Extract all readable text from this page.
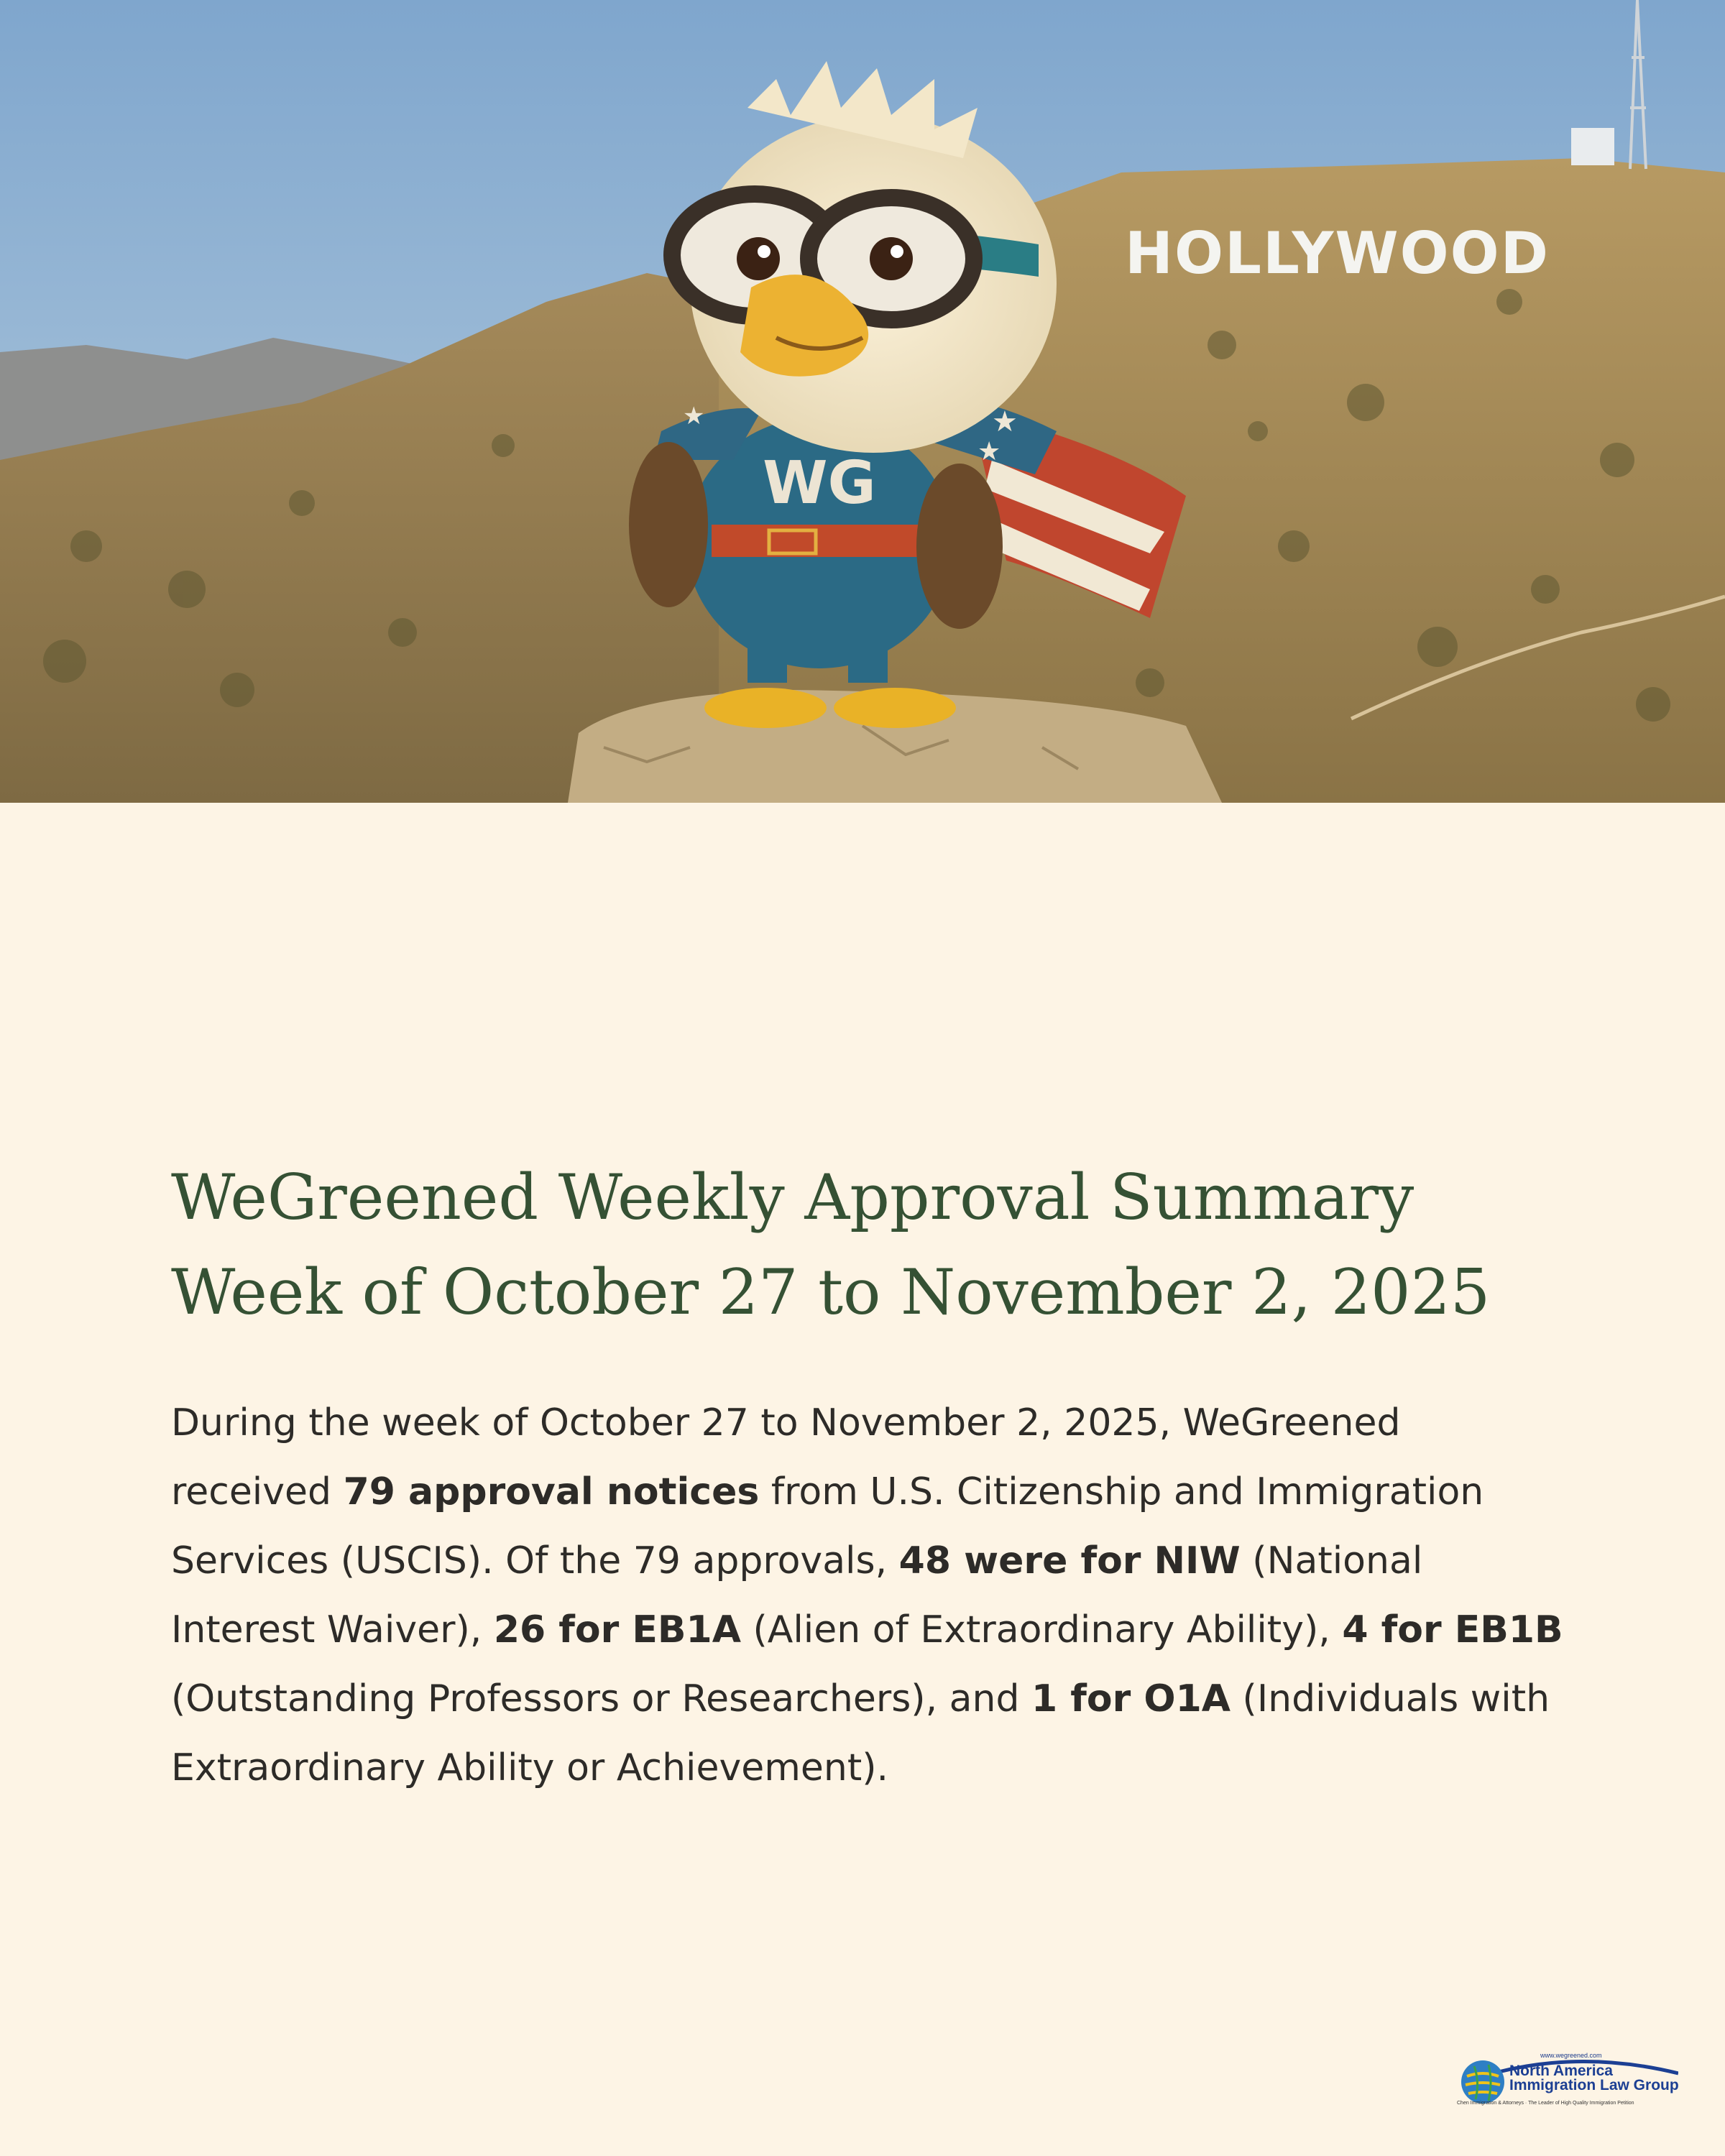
HOLLYWOOD
WG
★
★
★
WeGreened Weekly Approval Summary
Week of October 27 to November 2, 2025

During the week of October 27 to November 2, 2025, WeGreened received 79 approval notices from U.S. Citizenship and Immigration Services (USCIS). Of the 79 approvals, 48 were for NIW (National Interest Waiver), 26 for EB1A (Alien of Extraordinary Ability), 4 for EB1B (Outstanding Professors or Researchers), and 1 for O1A (Individuals with Extraordinary Ability or Achievement).

www.wegreened.com
North America
Immigration Law Group
Chen Immigration & Attorneys · The Leader of High Quality Immigration Petition
